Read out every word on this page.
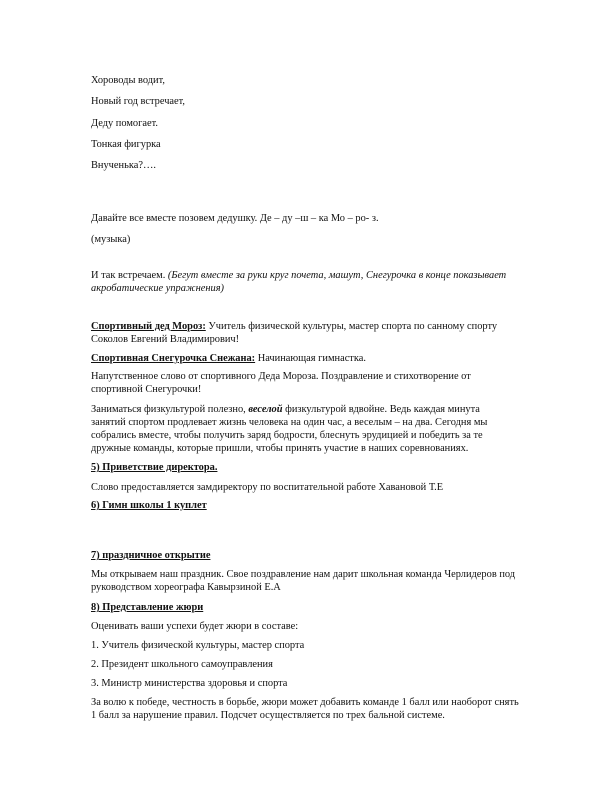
Хороводы водит,
Новый год встречает,
Деду помогает.
Тонкая фигурка
Внученька?….
Давайте все вместе позовем дедушку. Де – ду –ш – ка Мо – ро- з.
(музыка)
И так встречаем. (Бегут вместе за руки круг почета, машут, Снегурочка в конце показывает
акробатические упражнения)
Спортивный дед Мороз: Учитель физической культуры, мастер спорта по санному спорту
Соколов Евгений Владимирович!
Спортивная Снегурочка Снежана: Начинающая гимнастка.
Напутственное слово от спортивного Деда Мороза. Поздравление и стихотворение от
спортивной Снегурочки!
Заниматься физкультурой полезно, веселой физкультурой вдвойне. Ведь каждая минута
занятий спортом продлевает жизнь человека на один час, а веселым – на два. Сегодня мы
собрались вместе, чтобы получить заряд бодрости, блеснуть эрудицией и победить за те
дружные команды, которые пришли, чтобы принять участие в наших соревнованиях.
5) Приветствие директора.
Слово предоставляется замдиректору по воспитательной работе Хавановой Т.Е
6) Гимн школы 1 куплет
7) праздничное открытие
Мы открываем наш праздник. Свое поздравление нам дарит школьная команда Черлидеров под
руководством хореографа Кавырзиной Е.А
8) Представление жюри
Оценивать ваши успехи будет жюри в составе:
1. Учитель физической культуры, мастер спорта
2. Президент школьного самоуправления
3. Министр министерства здоровья и спорта
За волю к победе, честность в борьбе, жюри может добавить команде 1 балл или наоборот снять
1 балл за нарушение правил. Подсчет осуществляется по трех бальной системе.
